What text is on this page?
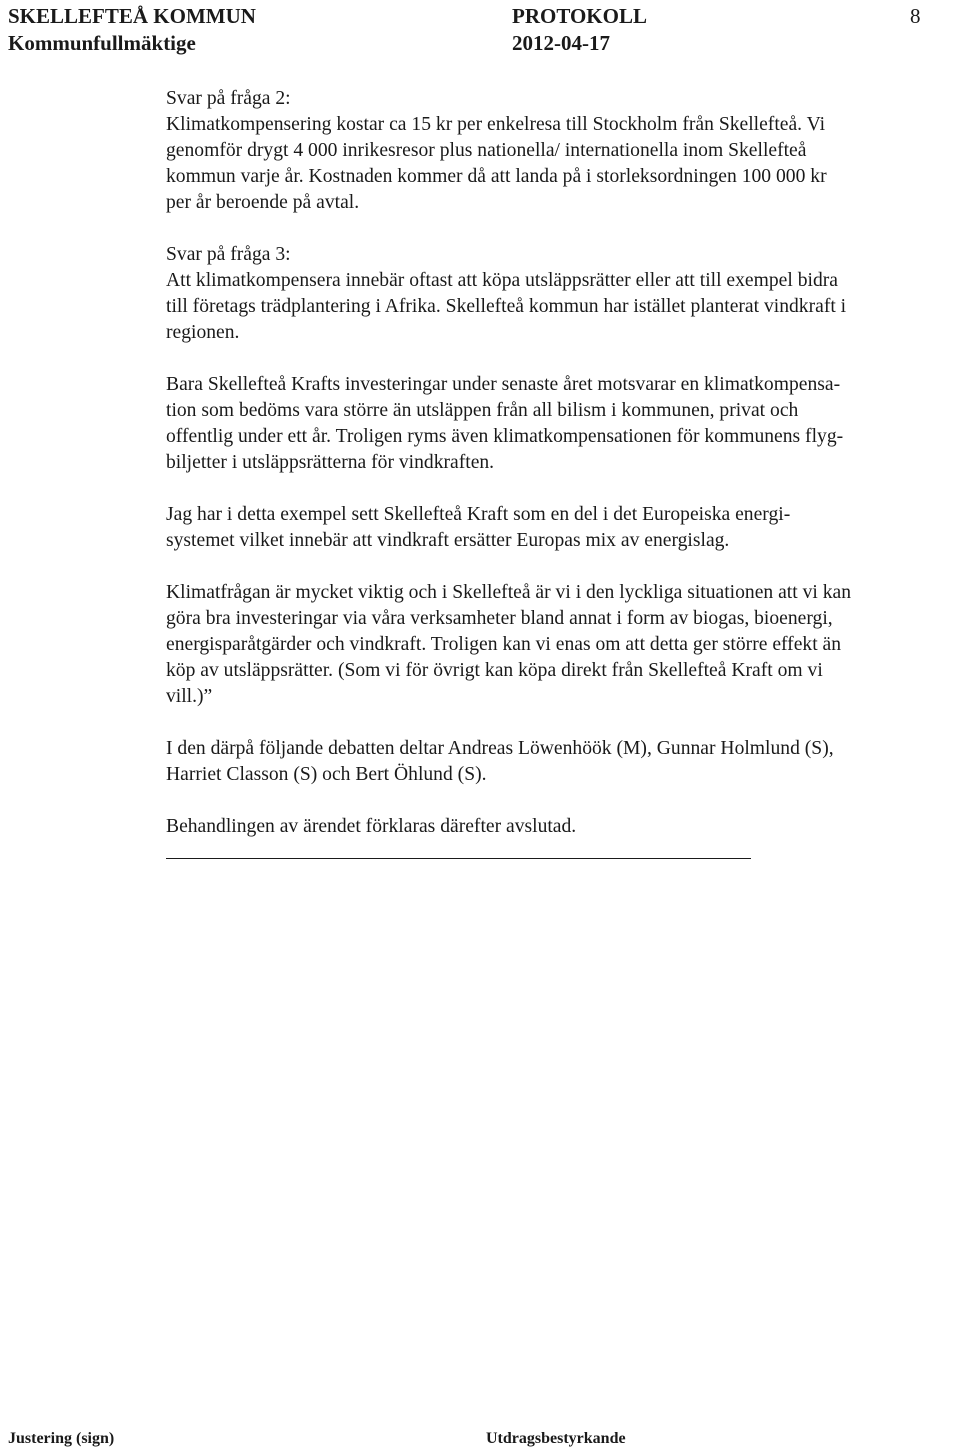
SKELLEFTEÅ KOMMUN
Kommunfullmäktige
PROTOKOLL
2012-04-17
8
Svar på fråga 2:
Klimatkompensering kostar ca 15 kr per enkelresa till Stockholm från Skellefteå. Vi
genomför drygt 4 000 inrikesresor plus nationella/ internationella inom Skellefteå
kommun varje år. Kostnaden kommer då att landa på i storleksordningen 100 000 kr
per år beroende på avtal.
Svar på fråga 3:
Att klimatkompensera innebär oftast att köpa utsläppsrätter eller att till exempel bidra
till företags trädplantering i Afrika. Skellefteå kommun har istället planterat vindkraft i
regionen.
Bara Skellefteå Krafts investeringar under senaste året motsvarar en klimatkompensa-
tion som bedöms vara större än utsläppen från all bilism i kommunen, privat och
offentlig under ett år. Troligen ryms även klimatkompensationen för kommunens flyg-
biljetter i utsläppsrätterna för vindkraften.
Jag har i detta exempel sett Skellefteå Kraft som en del i det Europeiska energi-
systemet vilket innebär att vindkraft ersätter Europas mix av energislag.
Klimatfrågan är mycket viktig och i Skellefteå är vi i den lyckliga situationen att vi kan
göra bra investeringar via våra verksamheter bland annat i form av biogas, bioenergi,
energisparåtgärder och vindkraft. Troligen kan vi enas om att detta ger större effekt än
köp av utsläppsrätter. (Som vi för övrigt kan köpa direkt från Skellefteå Kraft om vi
vill.)”
I den därpå följande debatten deltar Andreas Löwenhöök (M), Gunnar Holmlund (S),
Harriet Classon (S) och Bert Öhlund (S).
Behandlingen av ärendet förklaras därefter avslutad.
Justering (sign)	Utdragsbestyrkande
